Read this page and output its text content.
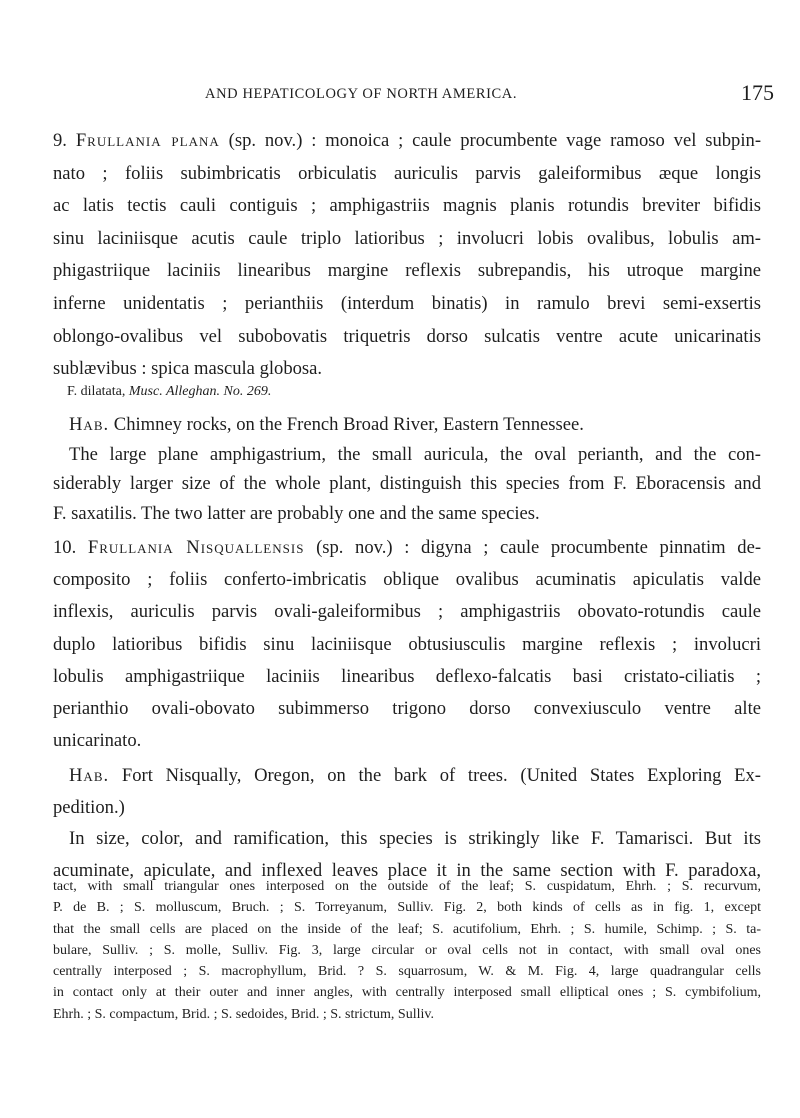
AND HEPATICOLOGY OF NORTH AMERICA.	175
9. Frullania plana (sp. nov.) : monoica ; caule procumbente vage ramoso vel subpin-
nato ; foliis subimbricatis orbiculatis auriculis parvis galeiformibus æque longis
ac latis tectis cauli contiguis ; amphigastriis magnis planis rotundis breviter bifidis
sinu laciniisque acutis caule triplo latioribus ; involucri lobis ovalibus, lobulis am-
phigastriique laciniis linearibus margine reflexis subrepandis, his utroque margine
inferne unidentatis ; perianthiis (interdum binatis) in ramulo brevi semi-exsertis
oblongo-ovalibus vel subobovatis triquetris dorso sulcatis ventre acute unicarinatis
sublævibus : spica mascula globosa.
F. dilatata, Musc. Alleghan. No. 269.
Hab. Chimney rocks, on the French Broad River, Eastern Tennessee.
The large plane amphigastrium, the small auricula, the oval perianth, and the con-
siderably larger size of the whole plant, distinguish this species from F. Eboracensis and
F. saxatilis. The two latter are probably one and the same species.
10. Frullania Nisquallensis (sp. nov.) : digyna ; caule procumbente pinnatim de-
composito ; foliis conferto-imbricatis oblique ovalibus acuminatis apiculatis valde
inflexis, auriculis parvis ovali-galeiformibus ; amphigastriis obovato-rotundis caule
duplo latioribus bifidis sinu laciniisque obtusiusculis margine reflexis ; involucri
lobulis amphigastriique laciniis linearibus deflexo-falcatis basi cristato-ciliatis ;
perianthio ovali-obovato subimmerso trigono dorso convexiusculo ventre alte
unicarinato.
Hab. Fort Nisqually, Oregon, on the bark of trees. (United States Exploring Ex-
pedition.)
In size, color, and ramification, this species is strikingly like F. Tamarisci. But its
acuminate, apiculate, and inflexed leaves place it in the same section with F. paradoxa,
tact, with small triangular ones interposed on the outside of the leaf; S. cuspidatum, Ehrh. ; S. recurvum,
P. de B. ; S. molluscum, Bruch. ; S. Torreyanum, Sulliv. Fig. 2, both kinds of cells as in fig. 1, except
that the small cells are placed on the inside of the leaf; S. acutifolium, Ehrh. ; S. humile, Schimp. ; S. ta-
bulare, Sulliv. ; S. molle, Sulliv. Fig. 3, large circular or oval cells not in contact, with small oval ones
centrally interposed ; S. macrophyllum, Brid. ? S. squarrosum, W. & M. Fig. 4, large quadrangular cells
in contact only at their outer and inner angles, with centrally interposed small elliptical ones ; S. cymbifolium,
Ehrh. ; S. compactum, Brid. ; S. sedoides, Brid. ; S. strictum, Sulliv.
